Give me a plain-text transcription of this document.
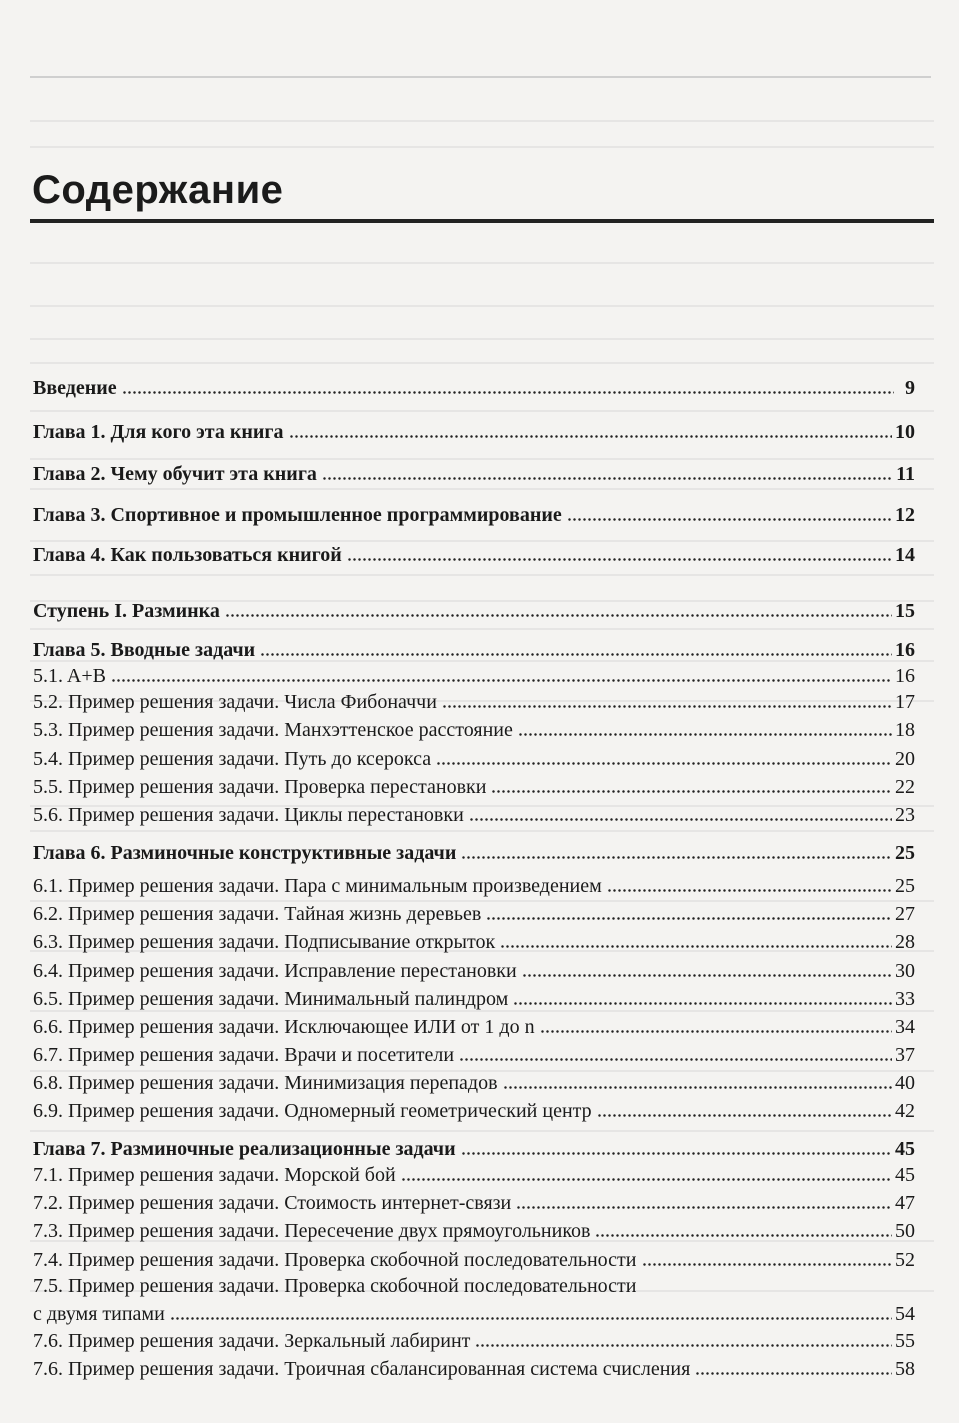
Содержание
Введение	9
Глава 1. Для кого эта книга	10
Глава 2. Чему обучит эта книга	11
Глава 3. Спортивное и промышленное программирование	12
Глава 4. Как пользоваться книгой	14
Ступень I. Разминка	15
Глава 5. Вводные задачи	16
5.1. A+B	16
5.2. Пример решения задачи. Числа Фибоначчи	17
5.3. Пример решения задачи. Манхэттенское расстояние	18
5.4. Пример решения задачи. Путь до ксерокса	20
5.5. Пример решения задачи. Проверка перестановки	22
5.6. Пример решения задачи. Циклы перестановки	23
Глава 6. Разминочные конструктивные задачи	25
6.1. Пример решения задачи. Пара с минимальным произведением	25
6.2. Пример решения задачи. Тайная жизнь деревьев	27
6.3. Пример решения задачи. Подписывание открыток	28
6.4. Пример решения задачи. Исправление перестановки	30
6.5. Пример решения задачи. Минимальный палиндром	33
6.6. Пример решения задачи. Исключающее ИЛИ от 1 до n	34
6.7. Пример решения задачи. Врачи и посетители	37
6.8. Пример решения задачи. Минимизация перепадов	40
6.9. Пример решения задачи. Одномерный геометрический центр	42
Глава 7. Разминочные реализационные задачи	45
7.1. Пример решения задачи. Морской бой	45
7.2. Пример решения задачи. Стоимость интернет-связи	47
7.3. Пример решения задачи. Пересечение двух прямоугольников	50
7.4. Пример решения задачи. Проверка скобочной последовательности	52
7.5. Пример решения задачи. Проверка скобочной последовательности
с двумя типами	54
7.6. Пример решения задачи. Зеркальный лабиринт	55
7.6. Пример решения задачи. Троичная сбалансированная система счисления	58
